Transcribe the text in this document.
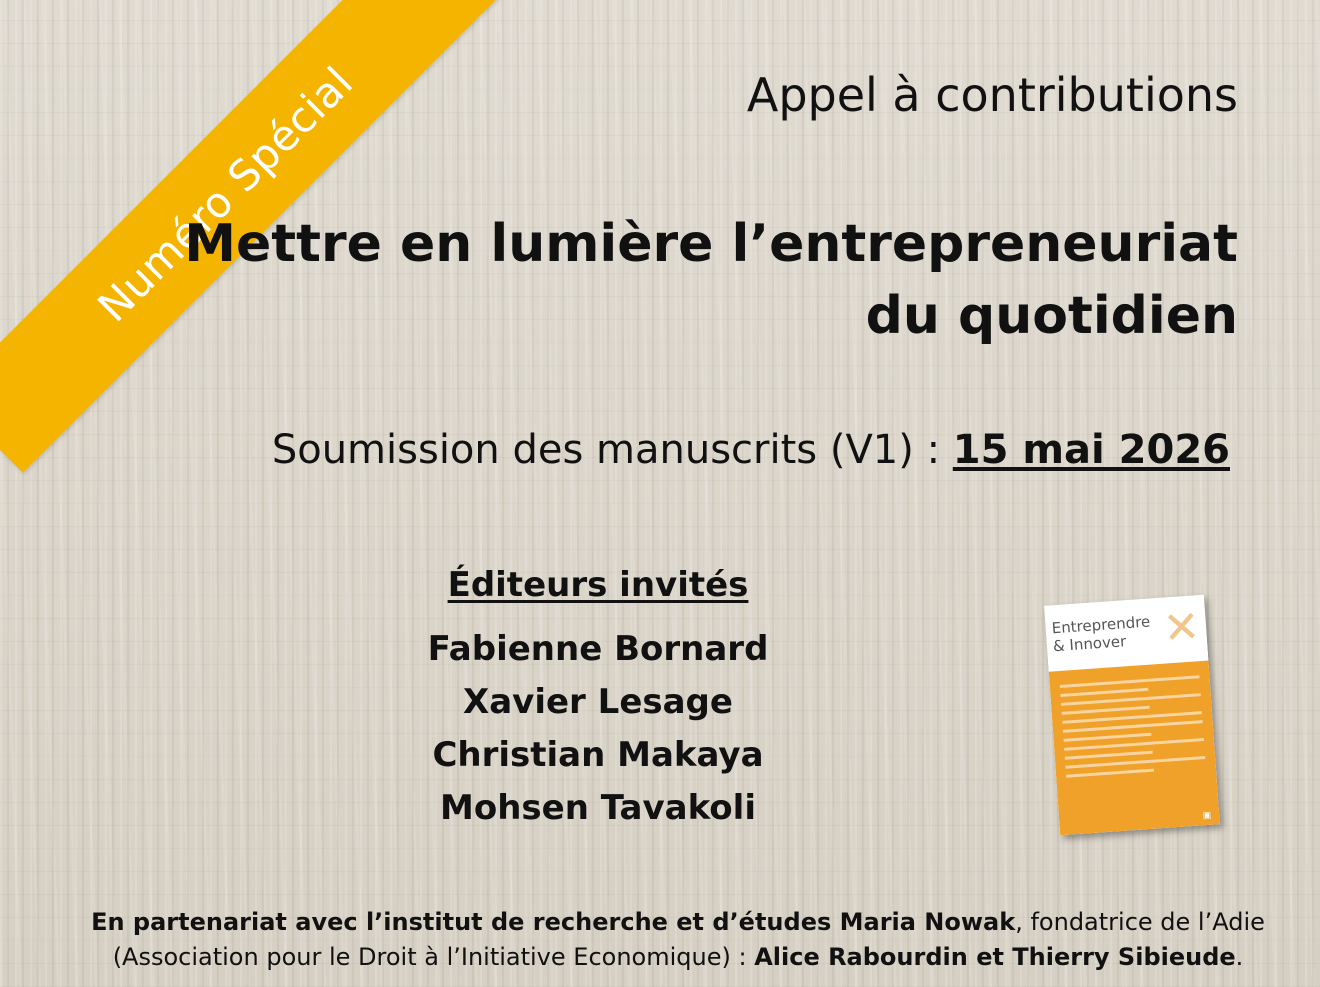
Numéro Spécial	Appel à contributions
Mettre en lumière l’entrepreneuriat
du quotidien
Soumission des manuscrits (V1) : 15 mai 2026
Éditeurs invités
Fabienne Bornard
Xavier Lesage
Christian Makaya
Mohsen Tavakoli
✕
Entreprendre
& Innover
▣
En partenariat avec l’institut de recherche et d’études Maria Nowak, fondatrice de l’Adie
(Association pour le Droit à l’Initiative Economique) : Alice Rabourdin et Thierry Sibieude.
